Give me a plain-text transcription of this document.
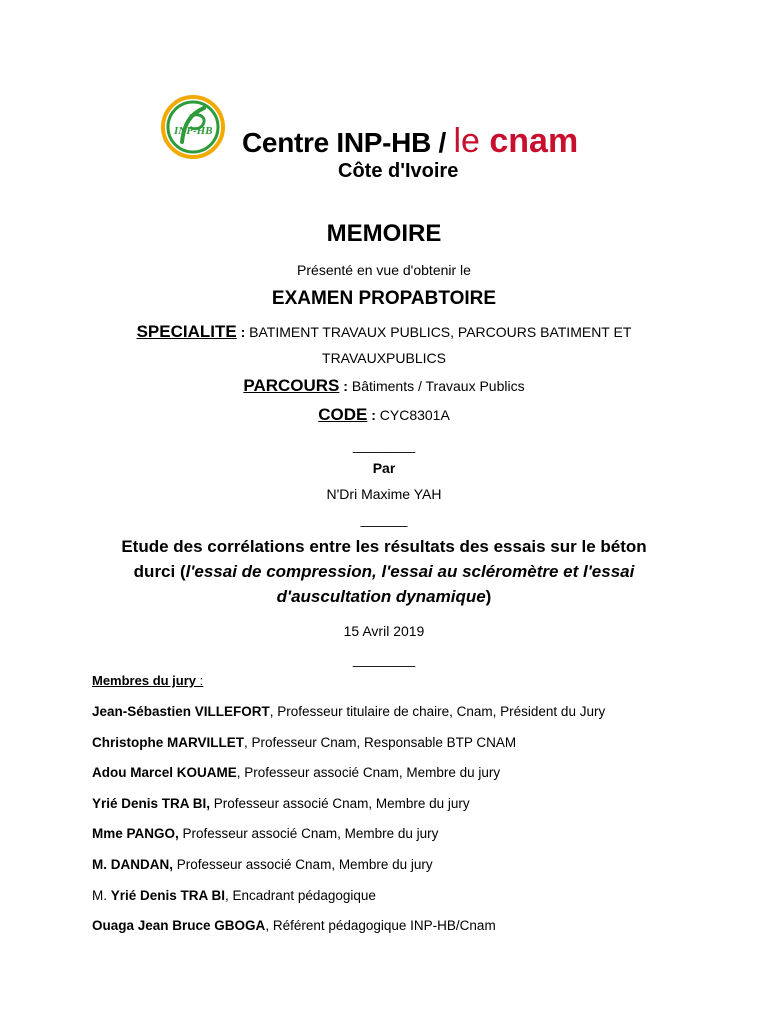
INP-HB Centre INP-HB / le cnam
Côte d'Ivoire
MEMOIRE
Présenté en vue d'obtenir le
EXAMEN PROPABTOIRE
SPECIALITE : BATIMENT TRAVAUX PUBLICS, PARCOURS BATIMENT ET
TRAVAUXPUBLICS
PARCOURS : Bâtiments / Travaux Publics
CODE : CYC8301A
________
Par
N'Dri Maxime YAH
______
Etude des corrélations entre les résultats des essais sur le béton
durci (l'essai de compression, l'essai au scléromètre et l'essai
d'auscultation dynamique)
15 Avril 2019
________
Membres du jury :
Jean-Sébastien VILLEFORT, Professeur titulaire de chaire, Cnam, Président du Jury
Christophe MARVILLET, Professeur Cnam, Responsable BTP CNAM
Adou Marcel KOUAME, Professeur associé Cnam, Membre du jury
Yrié Denis TRA BI, Professeur associé Cnam, Membre du jury
Mme PANGO, Professeur associé Cnam, Membre du jury
M. DANDAN, Professeur associé Cnam, Membre du jury
M. Yrié Denis TRA BI, Encadrant pédagogique
Ouaga Jean Bruce GBOGA, Référent pédagogique INP-HB/Cnam
